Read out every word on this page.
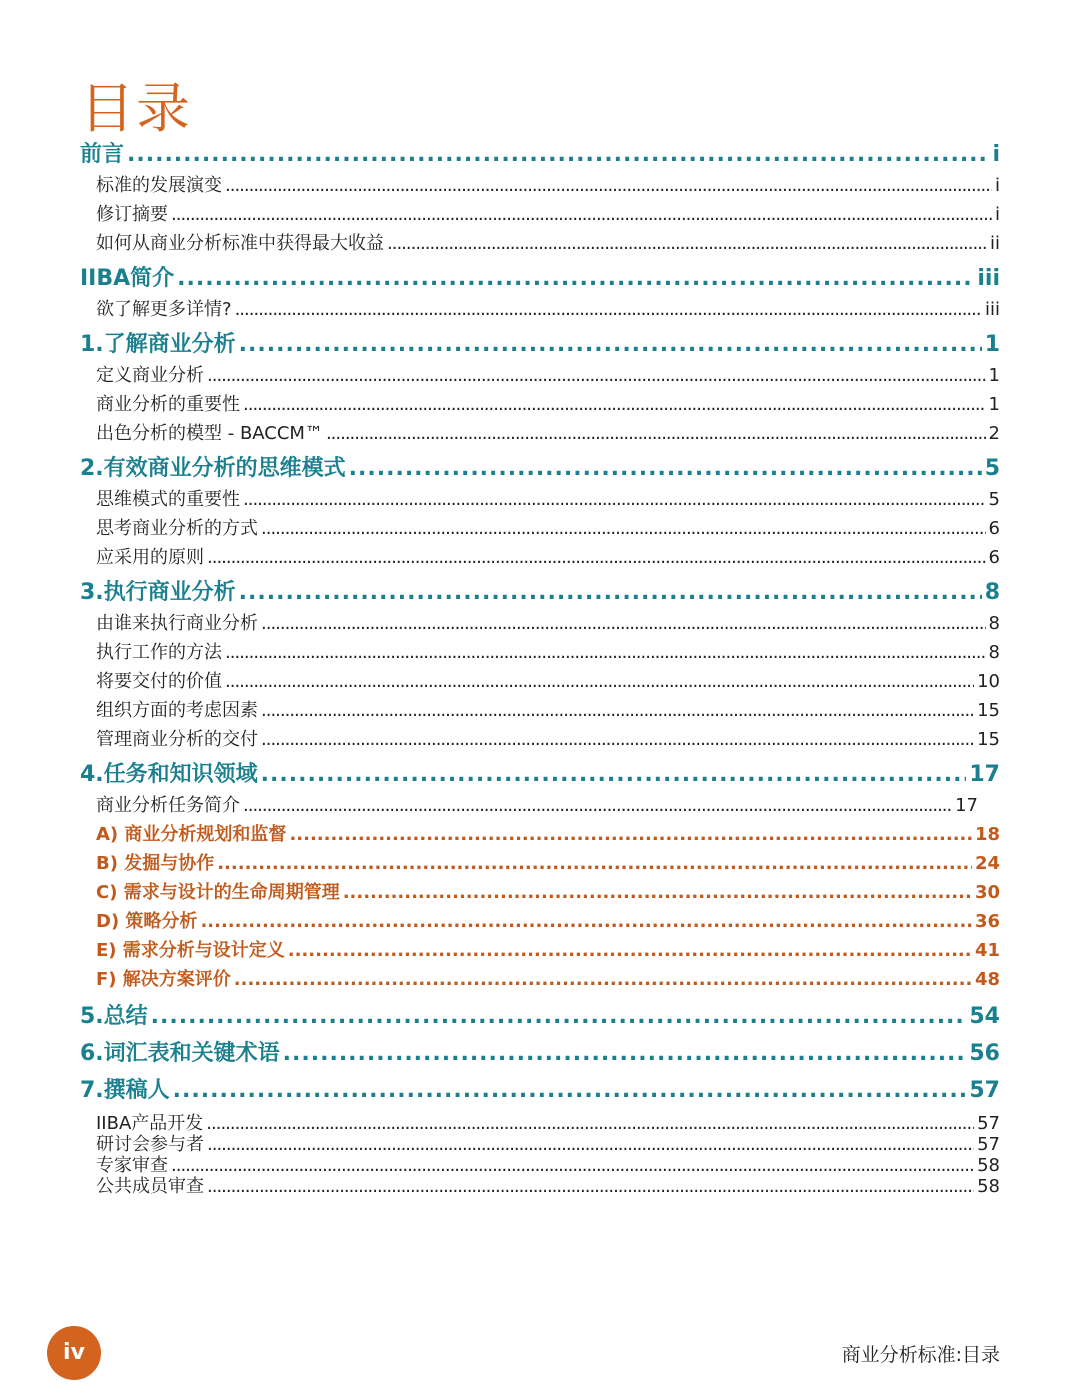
目录
前言 .....	i
标准的发展演变 .....	i
修订摘要 .....	i
如何从商业分析标准中获得最大收益 .....	ii
IIBA简介 .....	iii
欲了解更多详情? .....	iii
1.了解商业分析 .....	1
定义商业分析 .....	1
商业分析的重要性 .....	1
出色分析的模型 - BACCM™ .....	2
2.有效商业分析的思维模式 .....	5
思维模式的重要性 .....	5
思考商业分析的方式 .....	6
应采用的原则 .....	6
3.执行商业分析 .....	8
由谁来执行商业分析 .....	8
执行工作的方法 .....	8
将要交付的价值 .....	10
组织方面的考虑因素 .....	15
管理商业分析的交付 .....	15
4.任务和知识领域 .....	17
商业分析任务简介 .....	17
A) 商业分析规划和监督 .....	18
B) 发掘与协作 .....	24
C) 需求与设计的生命周期管理 .....	30
D) 策略分析 .....	36
E) 需求分析与设计定义 .....	41
F) 解决方案评价 .....	48
5.总结 .....	54
6.词汇表和关键术语 .....	56
7.撰稿人 .....	57
IIBA产品开发 .....	57
研讨会参与者 .....	57
专家审查 .....	58
公共成员审查 .....	58
iv	商业分析标准:目录
